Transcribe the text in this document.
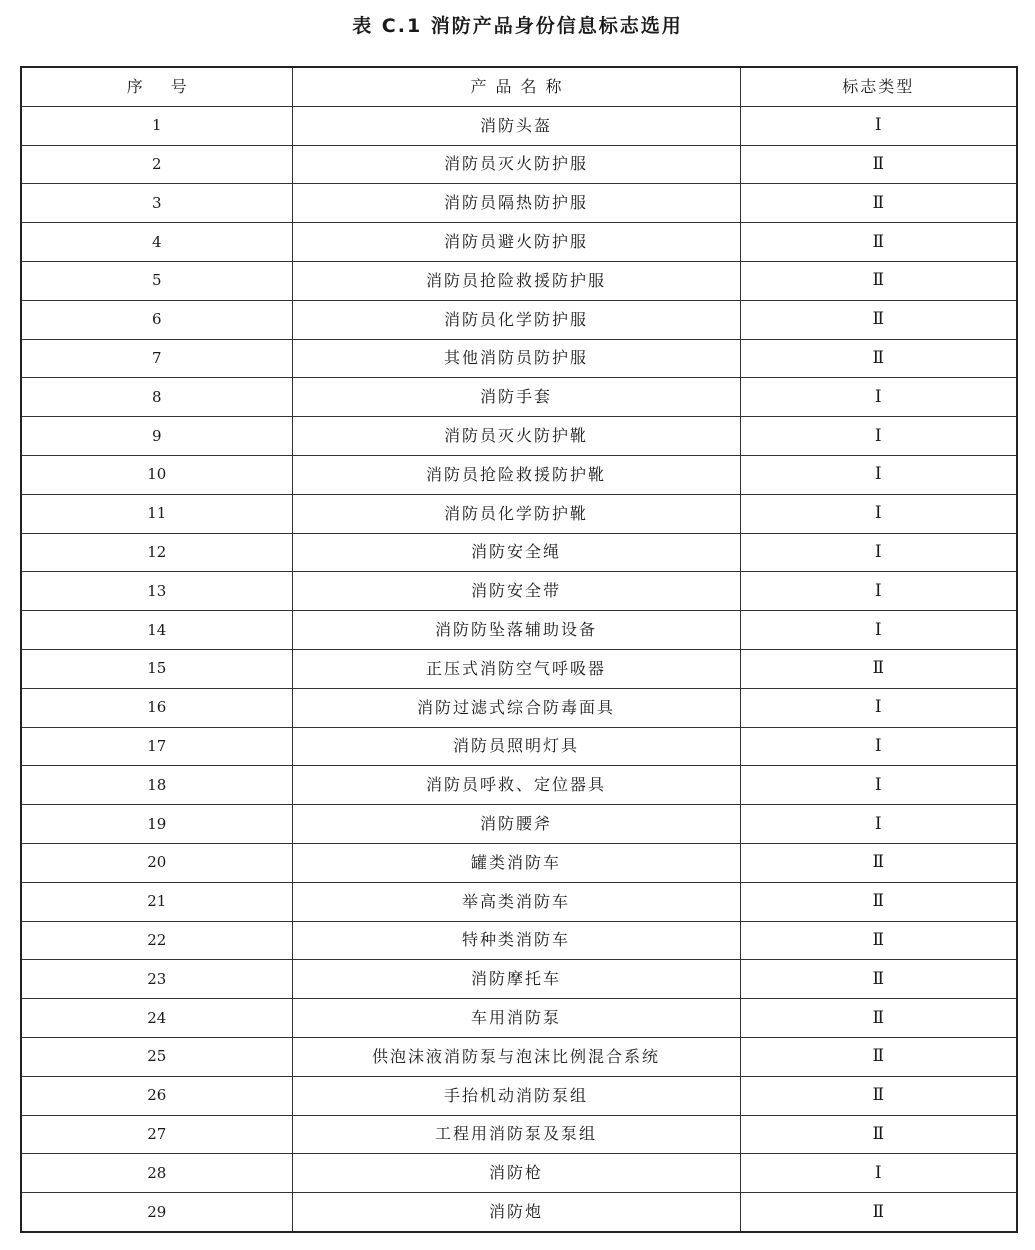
表 C.1 消防产品身份信息标志选用
序号	产品名称	标志类型
1	消防头盔	Ⅰ
2	消防员灭火防护服	Ⅱ
3	消防员隔热防护服	Ⅱ
4	消防员避火防护服	Ⅱ
5	消防员抢险救援防护服	Ⅱ
6	消防员化学防护服	Ⅱ
7	其他消防员防护服	Ⅱ
8	消防手套	Ⅰ
9	消防员灭火防护靴	Ⅰ
10	消防员抢险救援防护靴	Ⅰ
11	消防员化学防护靴	Ⅰ
12	消防安全绳	Ⅰ
13	消防安全带	Ⅰ
14	消防防坠落辅助设备	Ⅰ
15	正压式消防空气呼吸器	Ⅱ
16	消防过滤式综合防毒面具	Ⅰ
17	消防员照明灯具	Ⅰ
18	消防员呼救、定位器具	Ⅰ
19	消防腰斧	Ⅰ
20	罐类消防车	Ⅱ
21	举高类消防车	Ⅱ
22	特种类消防车	Ⅱ
23	消防摩托车	Ⅱ
24	车用消防泵	Ⅱ
25	供泡沫液消防泵与泡沫比例混合系统	Ⅱ
26	手抬机动消防泵组	Ⅱ
27	工程用消防泵及泵组	Ⅱ
28	消防枪	Ⅰ
29	消防炮	Ⅱ
